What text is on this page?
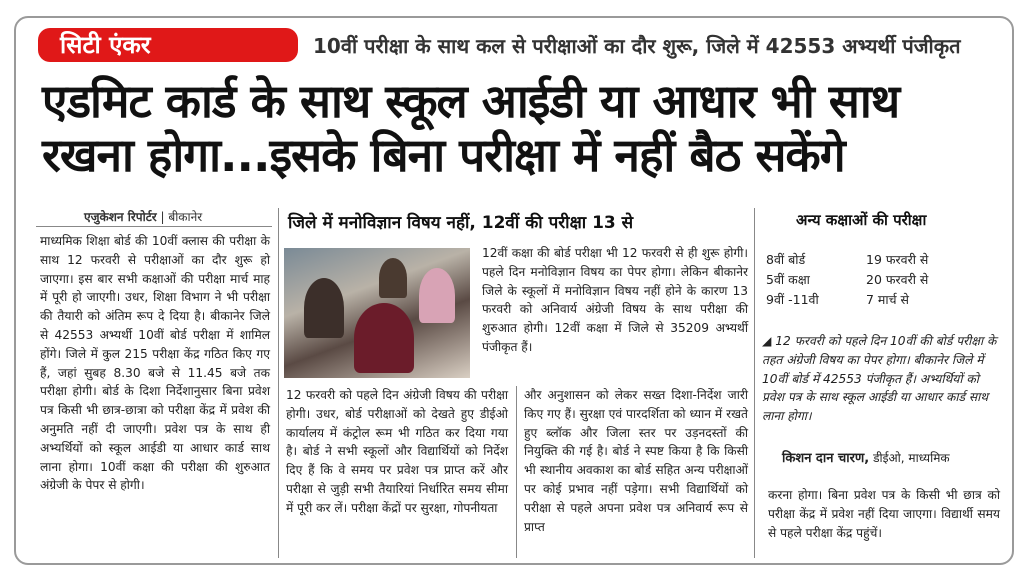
सिटी एंकर	10वीं परीक्षा के साथ कल से परीक्षाओं का दौर शुरू, जिले में 42553 अभ्यर्थी पंजीकृत
एडमिट कार्ड के साथ स्कूल आईडी या आधार भी साथ
रखना होगा...इसके बिना परीक्षा में नहीं बैठ सकेंगे
एजुकेशन रिपोर्टर | बीकानेर	जिले में मनोविज्ञान विषय नहीं, 12वीं की परीक्षा 13 से	अन्य कक्षाओं की परीक्षा
माध्यमिक शिक्षा बोर्ड की 10वीं क्लास की परीक्षा के साथ 12 फरवरी से परीक्षाओं का दौर शुरू हो जाएगा। इस बार सभी कक्षाओं की परीक्षा मार्च माह में पूरी हो जाएगी। उधर, शिक्षा विभाग ने भी परीक्षा की तैयारी को अंतिम रूप दे दिया है। बीकानेर जिले से 42553 अभ्यर्थी 10वीं बोर्ड परीक्षा में शामिल होंगे। जिले में कुल 215 परीक्षा केंद्र गठित किए गए हैं, जहां सुबह 8.30 बजे से 11.45 बजे तक परीक्षा होगी। बोर्ड के दिशा निर्देशानुसार बिना प्रवेश पत्र किसी भी छात्र-छात्रा को परीक्षा केंद्र में प्रवेश की अनुमति नहीं दी जाएगी। प्रवेश पत्र के साथ ही अभ्यर्थियों को स्कूल आईडी या आधार कार्ड साथ लाना होगा। 10वीं कक्षा की परीक्षा की शुरुआत अंग्रेजी के पेपर से होगी।
12वीं कक्षा की बोर्ड परीक्षा भी 12 फरवरी से ही शुरू होगी। पहले दिन मनोविज्ञान विषय का पेपर होगा। लेकिन बीकानेर जिले के स्कूलों में मनोविज्ञान विषय नहीं होने के कारण 13 फरवरी को अनिवार्य अंग्रेजी विषय के साथ परीक्षा की शुरुआत होगी। 12वीं कक्षा में जिले से 35209 अभ्यर्थी पंजीकृत हैं।
12 फरवरी को पहले दिन अंग्रेजी विषय की परीक्षा होगी। उधर, बोर्ड परीक्षाओं को देखते हुए डीईओ कार्यालय में कंट्रोल रूम भी गठित कर दिया गया है। बोर्ड ने सभी स्कूलों और विद्यार्थियों को निर्देश दिए हैं कि वे समय पर प्रवेश पत्र प्राप्त करें और परीक्षा से जुड़ी सभी तैयारियां निर्धारित समय सीमा में पूरी कर लें। परीक्षा केंद्रों पर सुरक्षा, गोपनीयता
और अनुशासन को लेकर सख्त दिशा-निर्देश जारी किए गए हैं। सुरक्षा एवं पारदर्शिता को ध्यान में रखते हुए ब्लॉक और जिला स्तर पर उड़नदस्तों की नियुक्ति की गई है। बोर्ड ने स्पष्ट किया है कि किसी भी स्थानीय अवकाश का बोर्ड सहित अन्य परीक्षाओं पर कोई प्रभाव नहीं पड़ेगा। सभी विद्यार्थियों को परीक्षा से पहले अपना प्रवेश पत्र अनिवार्य रूप से प्राप्त
8वीं बोर्ड	19 फरवरी से
5वीं कक्षा	20 फरवरी से
9वीं -11वी	7 मार्च से
◢ 12 फरवरी को पहले दिन 10वीं की बोर्ड परीक्षा के तहत अंग्रेजी विषय का पेपर होगा। बीकानेर जिले में 10वीं बोर्ड में 42553 पंजीकृत हैं। अभ्यर्थियों को प्रवेश पत्र के साथ स्कूल आईडी या आधार कार्ड साथ लाना होगा।
किशन दान चारण, डीईओ, माध्यमिक
करना होगा। बिना प्रवेश पत्र के किसी भी छात्र को परीक्षा केंद्र में प्रवेश नहीं दिया जाएगा। विद्यार्थी समय से पहले परीक्षा केंद्र पहुंचें।
